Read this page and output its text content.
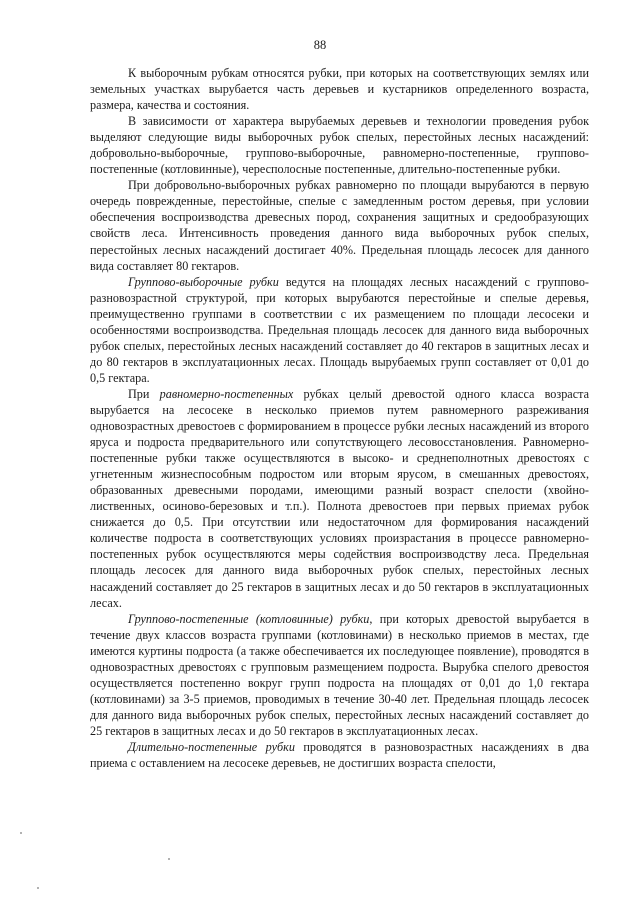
88

К выборочным рубкам относятся рубки, при которых на соответствующих землях или земельных участках вырубается часть деревьев и кустарников определенного возраста, размера, качества и состояния.

В зависимости от характера вырубаемых деревьев и технологии проведения рубок выделяют следующие виды выборочных рубок спелых, перестойных лесных насаждений: добровольно-выборочные, группово-выборочные, равномерно-постепенные, группово-постепенные (котловинные), чересполосные постепенные, длительно-постепенные рубки.

При добровольно-выборочных рубках равномерно по площади вырубаются в первую очередь поврежденные, перестойные, спелые с замедленным ростом деревья, при условии обеспечения воспроизводства древесных пород, сохранения защитных и средообразующих свойств леса. Интенсивность проведения данного вида выборочных рубок спелых, перестойных лесных насаждений достигает 40%. Предельная площадь лесосек для данного вида составляет 80 гектаров.

Группово-выборочные рубки ведутся на площадях лесных насаждений с группово-разновозрастной структурой, при которых вырубаются перестойные и спелые деревья, преимущественно группами в соответствии с их размещением по площади лесосеки и особенностями воспроизводства. Предельная площадь лесосек для данного вида выборочных рубок спелых, перестойных лесных насаждений составляет до 40 гектаров в защитных лесах и до 80 гектаров в эксплуатационных лесах. Площадь вырубаемых групп составляет от 0,01 до 0,5 гектара.

При равномерно-постепенных рубках целый древостой одного класса возраста вырубается на лесосеке в несколько приемов путем равномерного разреживания одновозрастных древостоев с формированием в процессе рубки лесных насаждений из второго яруса и подроста предварительного или сопутствующего лесовосстановления. Равномерно-постепенные рубки также осуществляются в высоко- и среднеполнотных древостоях с угнетенным жизнеспособным подростом или вторым ярусом, в смешанных древостоях, образованных древесными породами, имеющими разный возраст спелости (хвойно-лиственных, осиново-березовых и т.п.). Полнота древостоев при первых приемах рубок снижается до 0,5. При отсутствии или недостаточном для формирования насаждений количестве подроста в соответствующих условиях произрастания в процессе равномерно-постепенных рубок осуществляются меры содействия воспроизводству леса. Предельная площадь лесосек для данного вида выборочных рубок спелых, перестойных лесных насаждений составляет до 25 гектаров в защитных лесах и до 50 гектаров в эксплуатационных лесах.

Группово-постепенные (котловинные) рубки, при которых древостой вырубается в течение двух классов возраста группами (котловинами) в несколько приемов в местах, где имеются куртины подроста (а также обеспечивается их последующее появление), проводятся в одновозрастных древостоях с групповым размещением подроста. Вырубка спелого древостоя осуществляется постепенно вокруг групп подроста на площадях от 0,01 до 1,0 гектара (котловинами) за 3-5 приемов, проводимых в течение 30-40 лет. Предельная площадь лесосек для данного вида выборочных рубок спелых, перестойных лесных насаждений составляет до 25 гектаров в защитных лесах и до 50 гектаров в эксплуатационных лесах.

Длительно-постепенные рубки проводятся в разновозрастных насаждениях в два приема с оставлением на лесосеке деревьев, не достигших возраста спелости,
